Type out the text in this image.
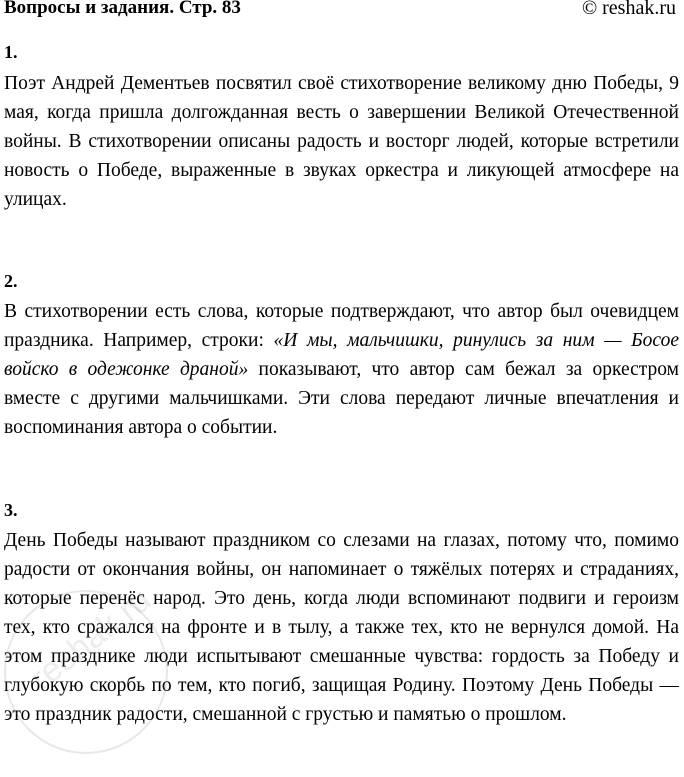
Вопросы и задания. Стр. 83	© reshak.ru
1.

Поэт Андрей Дементьев посвятил своё стихотворение великому дню Победы, 9 мая, когда пришла долгожданная весть о завершении Великой Отечественной войны. В стихотворении описаны радость и восторг людей, которые встретили новость о Победе, выраженные в звуках оркестра и ликующей атмосфере на улицах.

2.

В стихотворении есть слова, которые подтверждают, что автор был очевидцем праздника. Например, строки: «И мы, мальчишки, ринулись за ним — Босое войско в одежонке драной» показывают, что автор сам бежал за оркестром вместе с другими мальчишками. Эти слова передают личные впечатления и воспоминания автора о событии.

3.

День Победы называют праздником со слезами на глазах, потому что, помимо радости от окончания войны, он напоминает о тяжёлых потерях и страданиях, которые перенёс народ. Это день, когда люди вспоминают подвиги и героизм тех, кто сражался на фронте и в тылу, а также тех, кто не вернулся домой. На этом празднике люди испытывают смешанные чувства: гордость за Победу и глубокую скорбь по тем, кто погиб, защищая Родину. Поэтому День Победы — это праздник радости, смешанной с грустью и памятью о прошлом.

reshak.ru
